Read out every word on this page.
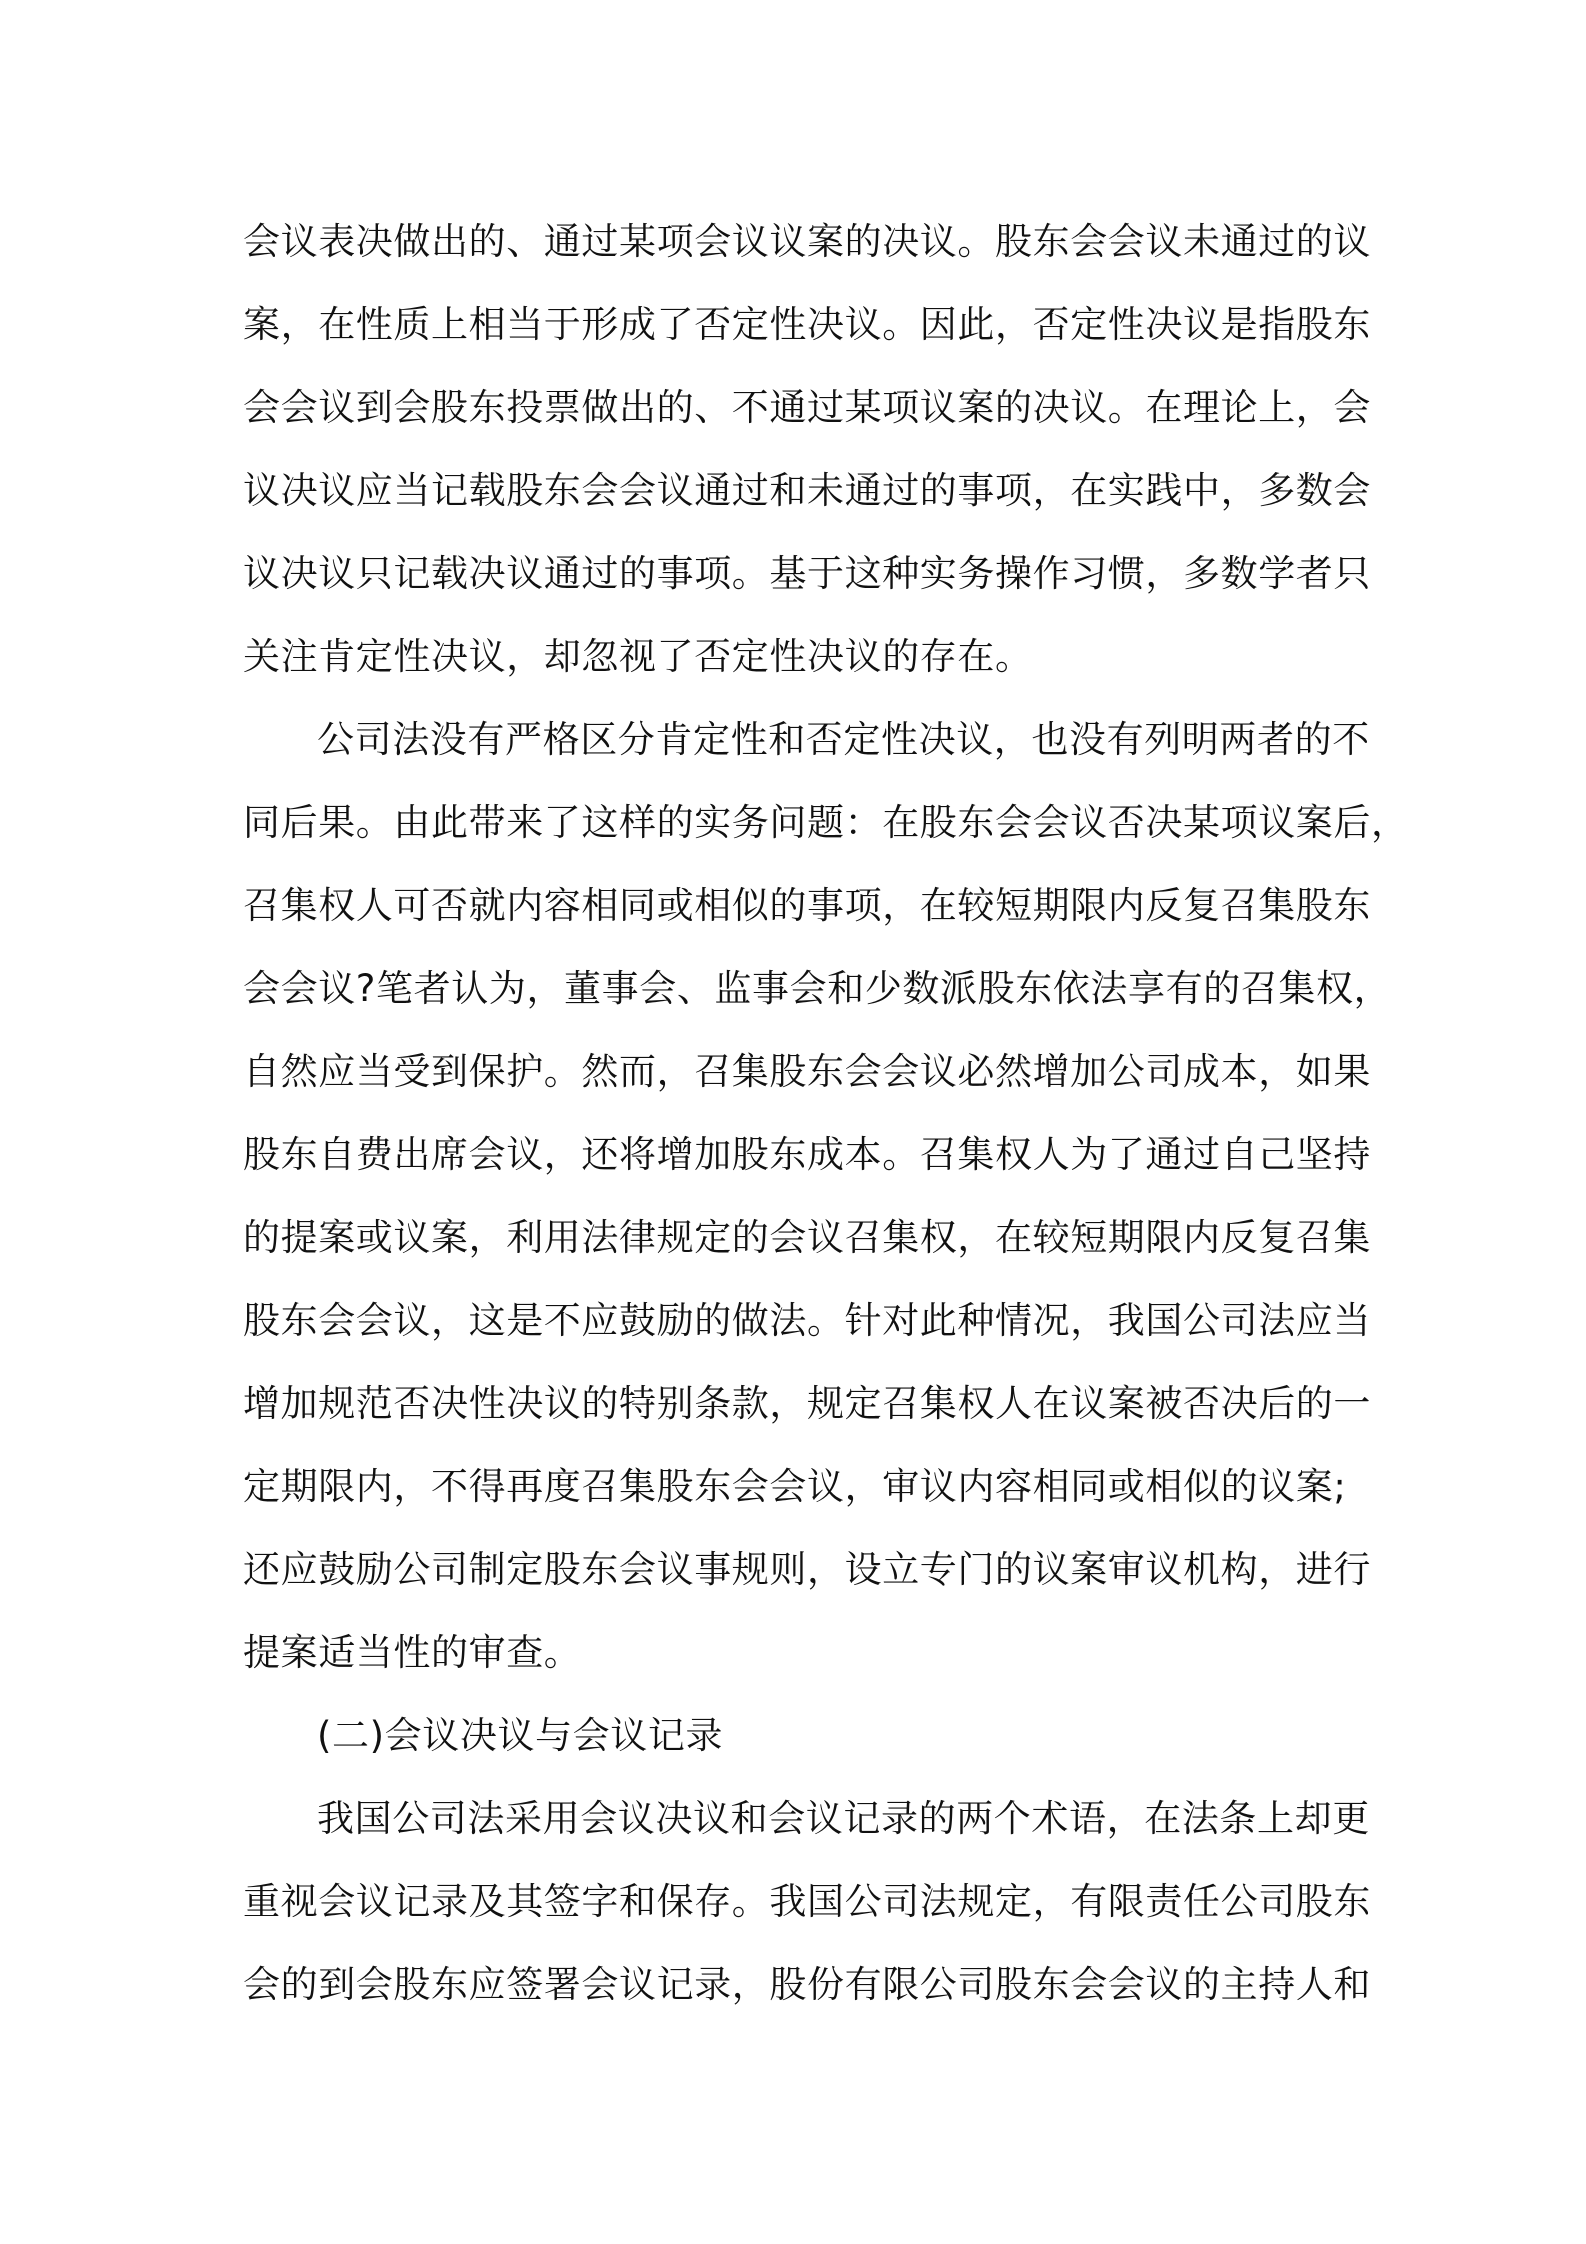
会议表决做出的、通过某项会议议案的决议。股东会会议未通过的议
案，在性质上相当于形成了否定性决议。因此，否定性决议是指股东
会会议到会股东投票做出的、不通过某项议案的决议。在理论上，会
议决议应当记载股东会会议通过和未通过的事项，在实践中，多数会
议决议只记载决议通过的事项。基于这种实务操作习惯，多数学者只
关注肯定性决议，却忽视了否定性决议的存在。
公司法没有严格区分肯定性和否定性决议，也没有列明两者的不
同后果。由此带来了这样的实务问题：在股东会会议否决某项议案后，
召集权人可否就内容相同或相似的事项，在较短期限内反复召集股东
会会议?笔者认为，董事会、监事会和少数派股东依法享有的召集权，
自然应当受到保护。然而，召集股东会会议必然增加公司成本，如果
股东自费出席会议，还将增加股东成本。召集权人为了通过自己坚持
的提案或议案，利用法律规定的会议召集权，在较短期限内反复召集
股东会会议，这是不应鼓励的做法。针对此种情况，我国公司法应当
增加规范否决性决议的特别条款，规定召集权人在议案被否决后的一
定期限内，不得再度召集股东会会议，审议内容相同或相似的议案;
还应鼓励公司制定股东会议事规则，设立专门的议案审议机构，进行
提案适当性的审查。
(二)会议决议与会议记录
我国公司法采用会议决议和会议记录的两个术语，在法条上却更
重视会议记录及其签字和保存。我国公司法规定，有限责任公司股东
会的到会股东应签署会议记录，股份有限公司股东会会议的主持人和
